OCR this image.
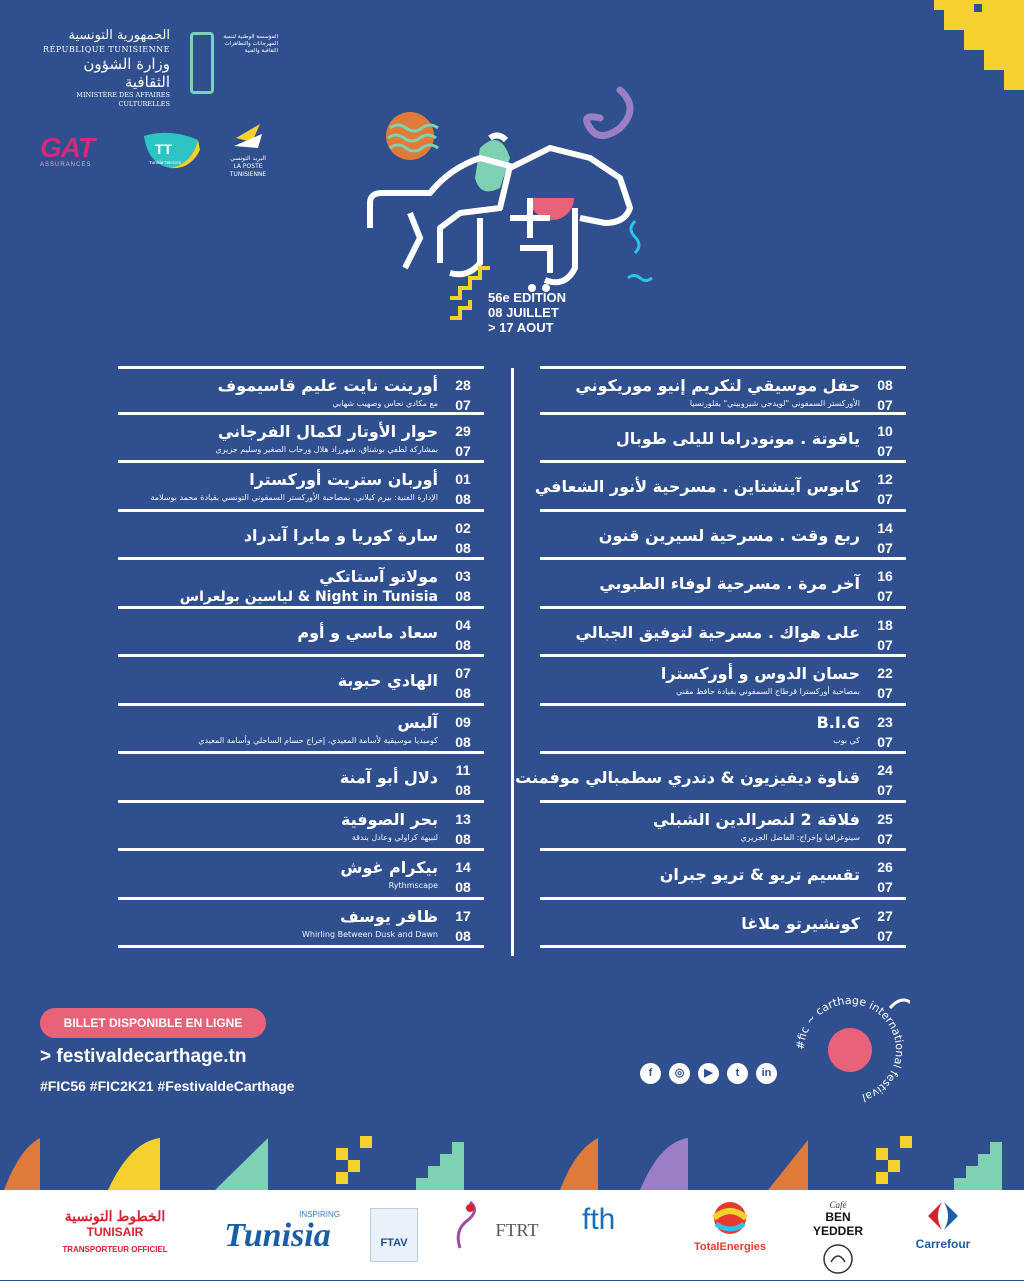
الجمهورية التونسية
RÉPUBLIQUE TUNISIENNE
وزارة الشؤون الثقافية
MINISTÈRE DES AFFAIRES CULTURELLES
المؤسسة الوطنية لتنمية المهرجانات والتظاهرات الثقافية والفنية
GAT
ASSURANCES
TT
Tunisie Telecom
البريد التونسي
LA POSTE TUNISIENNE
56e EDITION
08 JUILLET
> 17 AOUT
28
07
أورينت نايت عليم قاسيموف
مع مكادي نحاس وصهيب شهابي
29
07
حوار الأوتار لكمال الفرجاني
بمشاركة لطفي بوشناق، شهرزاد هلال ورحاب الصغير وسليم جزيري
01
08
أوربان ستريت أوركسترا
الإدارة الفنية: بيرم كيلاني، بمصاحبة الأوركستر السمفوني التونسي بقيادة محمد بوسلامة
02
08
سارة كوريا و مايرا آندراد
03
08
مولاتو آستاتكي
Night in Tunisia & لياسين بولعراس
04
08
سعاد ماسي و أوم
07
08
الهادي حبوبة
09
08
آليس
كوميديا موسيقية لأسامة المعيدي، إخراج حسام الساحلي وأسامة المعيدي
11
08
دلال أبو آمنة
13
08
بحر الصوفية
لنبيهة كراولي وعادل بندقة
14
08
بيكرام غوش
Rythmscape
17
08
ظافر يوسف
Whirling Between Dusk and Dawn
08
07
حفل موسيقي لتكريم إنيو موريكوني
الأوركستر السمفوني "لويدجي شيروبيني" بقلورنسيا
10
07
ياقوتة . مونودراما لليلى طوبال
12
07
كابوس آينشتاين . مسرحية لأنور الشعافي
14
07
ربع وقت . مسرحية لسيرين قنون
16
07
آخر مرة . مسرحية لوفاء الطبوبي
18
07
على هواك . مسرحية لتوفيق الجبالي
22
07
حسان الدوس و أوركسترا
بمصاحبة أوركسترا قرطاج السمفوني بقيادة حافظ مقني
23
07
B.I.G
كي بوب
24
07
قناوة ديفيزيون & دندري سطمبالي موفمنت
25
07
فلاقة 2 لنصرالدين الشبلي
سينوغرافيا وإخراج: الفاضل الجزيري
26
07
تقسيم تريو & تريو جبران
27
07
كونشيرتو ملاغا
BILLET DISPONIBLE EN LIGNE
> festivaldecarthage.tn
#FIC56 #FIC2K21 #FestivaldeCarthage
f	◎	▶	t	in
#fic ~ carthage international festival
الخطوط التونسية
TUNISAIR
TRANSPORTEUR OFFICIEL
INSPIRING
Tunisia	FTAV
FTRT	fth
TotalEnergies
Café
BEN YEDDER
Carrefour
